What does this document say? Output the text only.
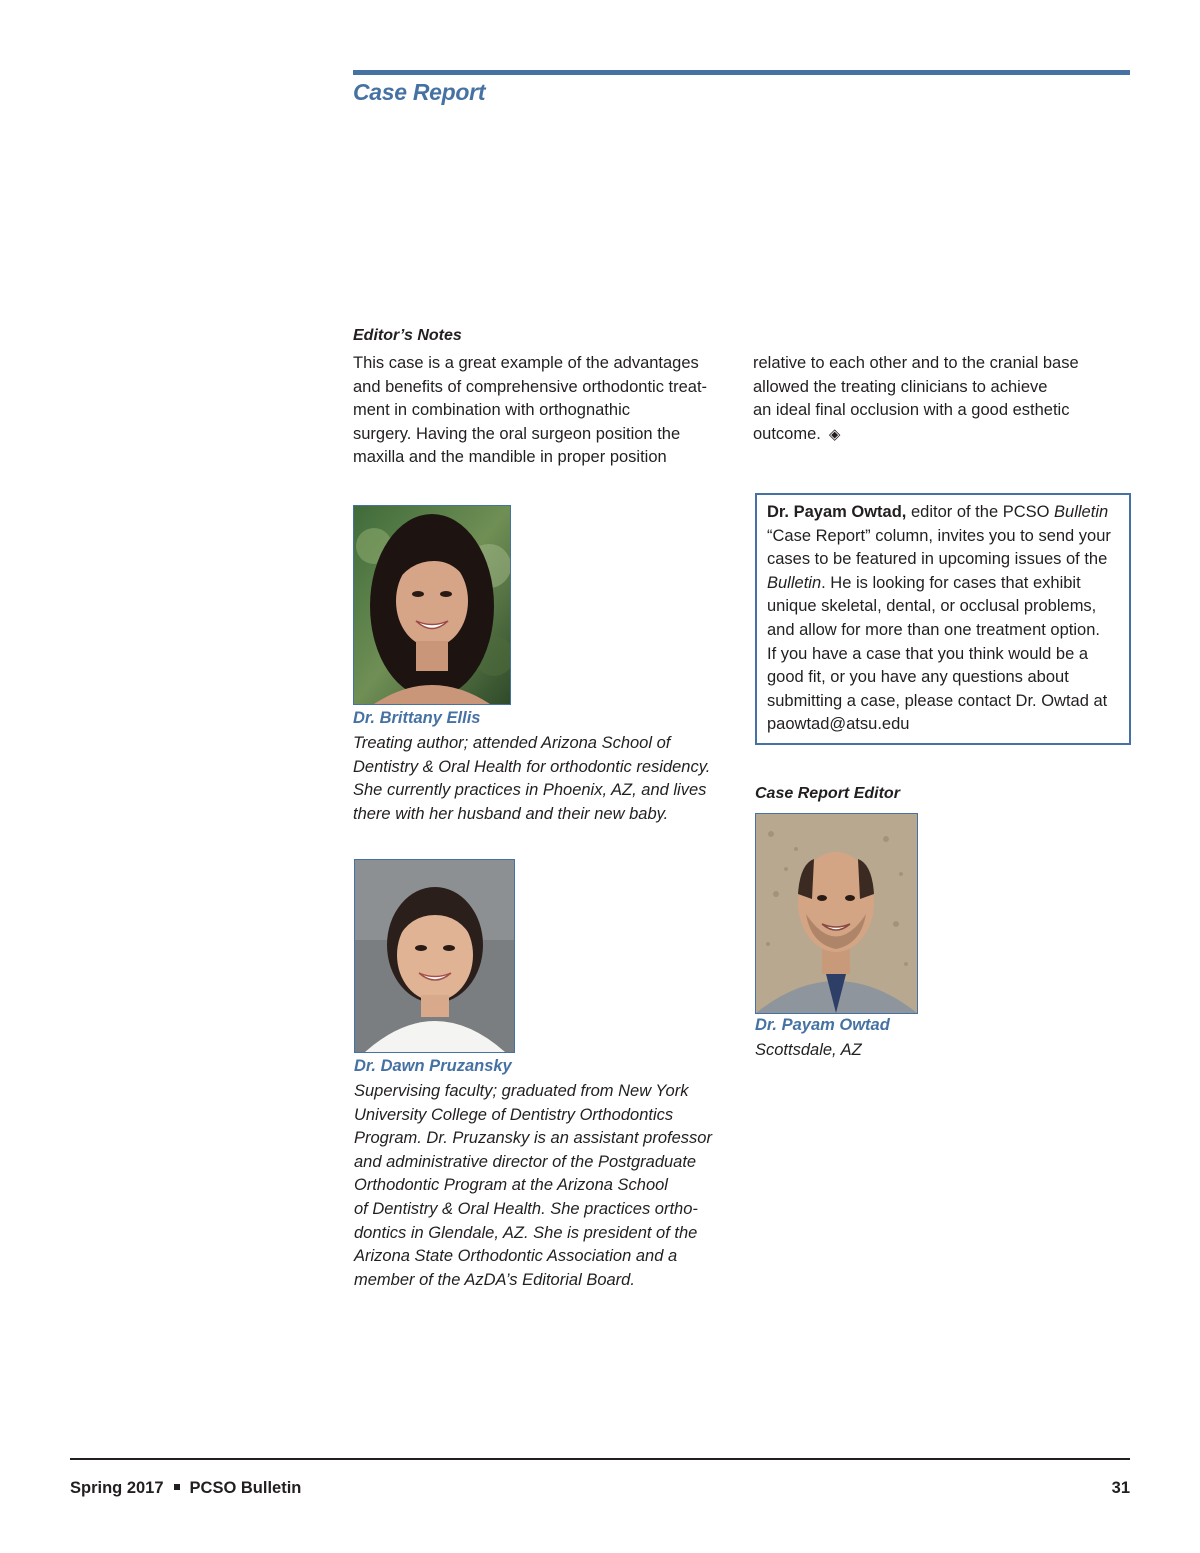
Case Report
Editor’s Notes
This case is a great example of the advantages
and benefits of comprehensive orthodontic treat-
ment in combination with orthognathic
surgery. Having the oral surgeon position the
maxilla and the mandible in proper position
relative to each other and to the cranial base
allowed the treating clinicians to achieve
an ideal final occlusion with a good esthetic
outcome. ◈
Dr. Brittany Ellis
Treating author; attended Arizona School of
Dentistry & Oral Health for orthodontic residency.
She currently practices in Phoenix, AZ, and lives
there with her husband and their new baby.
Dr. Dawn Pruzansky
Supervising faculty; graduated from New York
University College of Dentistry Orthodontics
Program. Dr. Pruzansky is an assistant professor
and administrative director of the Postgraduate
Orthodontic Program at the Arizona School
of Dentistry & Oral Health. She practices ortho-
dontics in Glendale, AZ. She is president of the
Arizona State Orthodontic Association and a
member of the AzDA’s Editorial Board.
Dr. Payam Owtad, editor of the PCSO Bulletin
“Case Report” column, invites you to send your
cases to be featured in upcoming issues of the
Bulletin. He is looking for cases that exhibit
unique skeletal, dental, or occlusal problems,
and allow for more than one treatment option.
If you have a case that you think would be a
good fit, or you have any questions about
submitting a case, please contact Dr. Owtad at
paowtad@atsu.edu
Case Report Editor
Dr. Payam Owtad
Scottsdale, AZ
Spring 2017 PCSO Bulletin	31
